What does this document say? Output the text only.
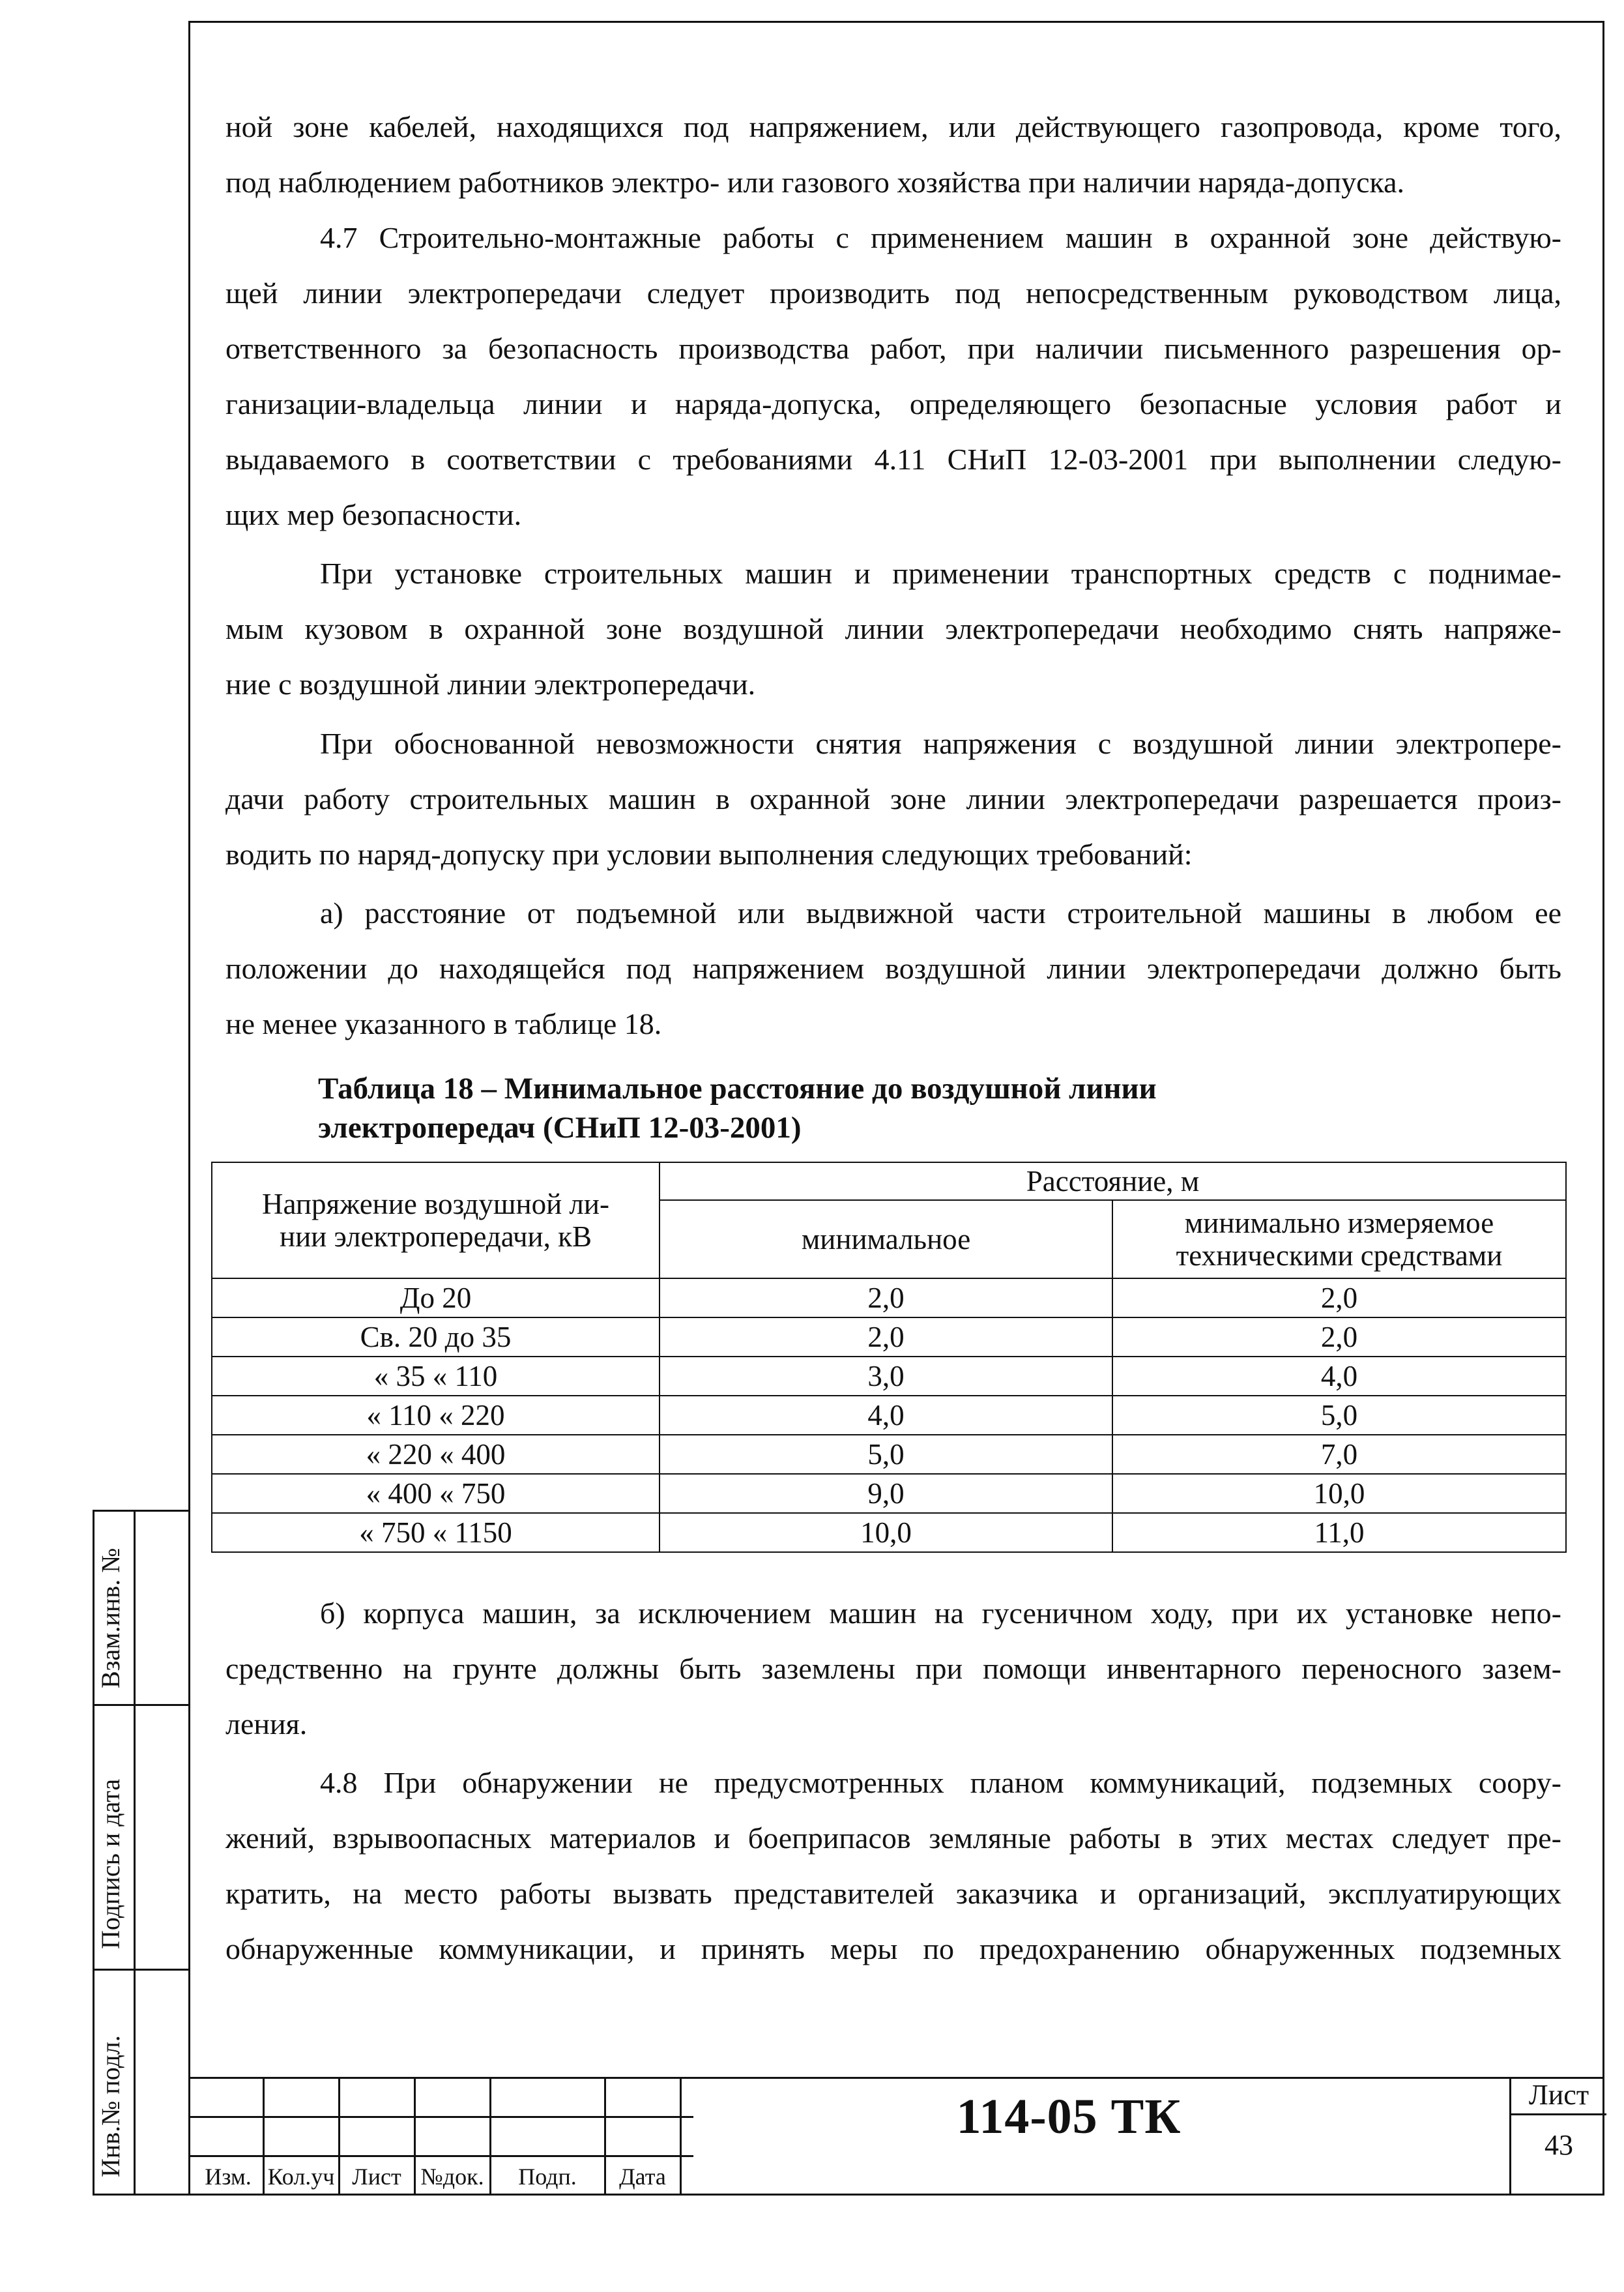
ной зоне кабелей, находящихся под напряжением, или действующего газопровода, кроме того,

под наблюдением работников электро- или газового хозяйства при наличии наряда-допуска.

4.7 Строительно-монтажные работы с применением машин в охранной зоне действую-

щей линии электропередачи следует производить под непосредственным руководством лица,

ответственного за безопасность производства работ, при наличии письменного разрешения ор-

ганизации-владельца линии и наряда-допуска, определяющего безопасные условия работ и

выдаваемого в соответствии с требованиями 4.11 СНиП 12-03-2001 при выполнении следую-

щих мер безопасности.

При установке строительных машин и применении транспортных средств с поднимае-

мым кузовом в охранной зоне воздушной линии электропередачи необходимо снять напряже-

ние с воздушной линии электропередачи.

При обоснованной невозможности снятия напряжения с воздушной линии электропере-

дачи работу строительных машин в охранной зоне линии электропередачи разрешается произ-

водить по наряд-допуску при условии выполнения следующих требований:

а) расстояние от подъемной или выдвижной части строительной машины в любом ее

положении до находящейся под напряжением воздушной линии электропередачи должно быть

не менее указанного в таблице 18.

Таблица 18 – Минимальное расстояние до воздушной линии
электропередач (СНиП 12-03-2001)
Напряжение воздушной ли-
нии электропередачи, кВ	Расстояние, м	
	минимальное	минимально измеряемое
техническими средствами

До 20	2,0	2,0
Св. 20 до 35	2,0	2,0
« 35 « 110	3,0	4,0
« 110 « 220	4,0	5,0
« 220 « 400	5,0	7,0
« 400 « 750	9,0	10,0
« 750 « 1150	10,0	11,0

б) корпуса машин, за исключением машин на гусеничном ходу, при их установке непо-

средственно на грунте должны быть заземлены при помощи инвентарного переносного зазем-

ления.

4.8 При обнаружении не предусмотренных планом коммуникаций, подземных соору-

жений, взрывоопасных материалов и боеприпасов земляные работы в этих местах следует пре-

кратить, на место работы вызвать представителей заказчика и организаций, эксплуатирующих

обнаруженные коммуникации, и принять меры по предохранению обнаруженных подземных

Изм. Кол.уч Лист №док.	Подп.	Дата
114-05 ТК	Лист
43
Взам.инв. №
Подпись и дата
Инв.№ подл.
